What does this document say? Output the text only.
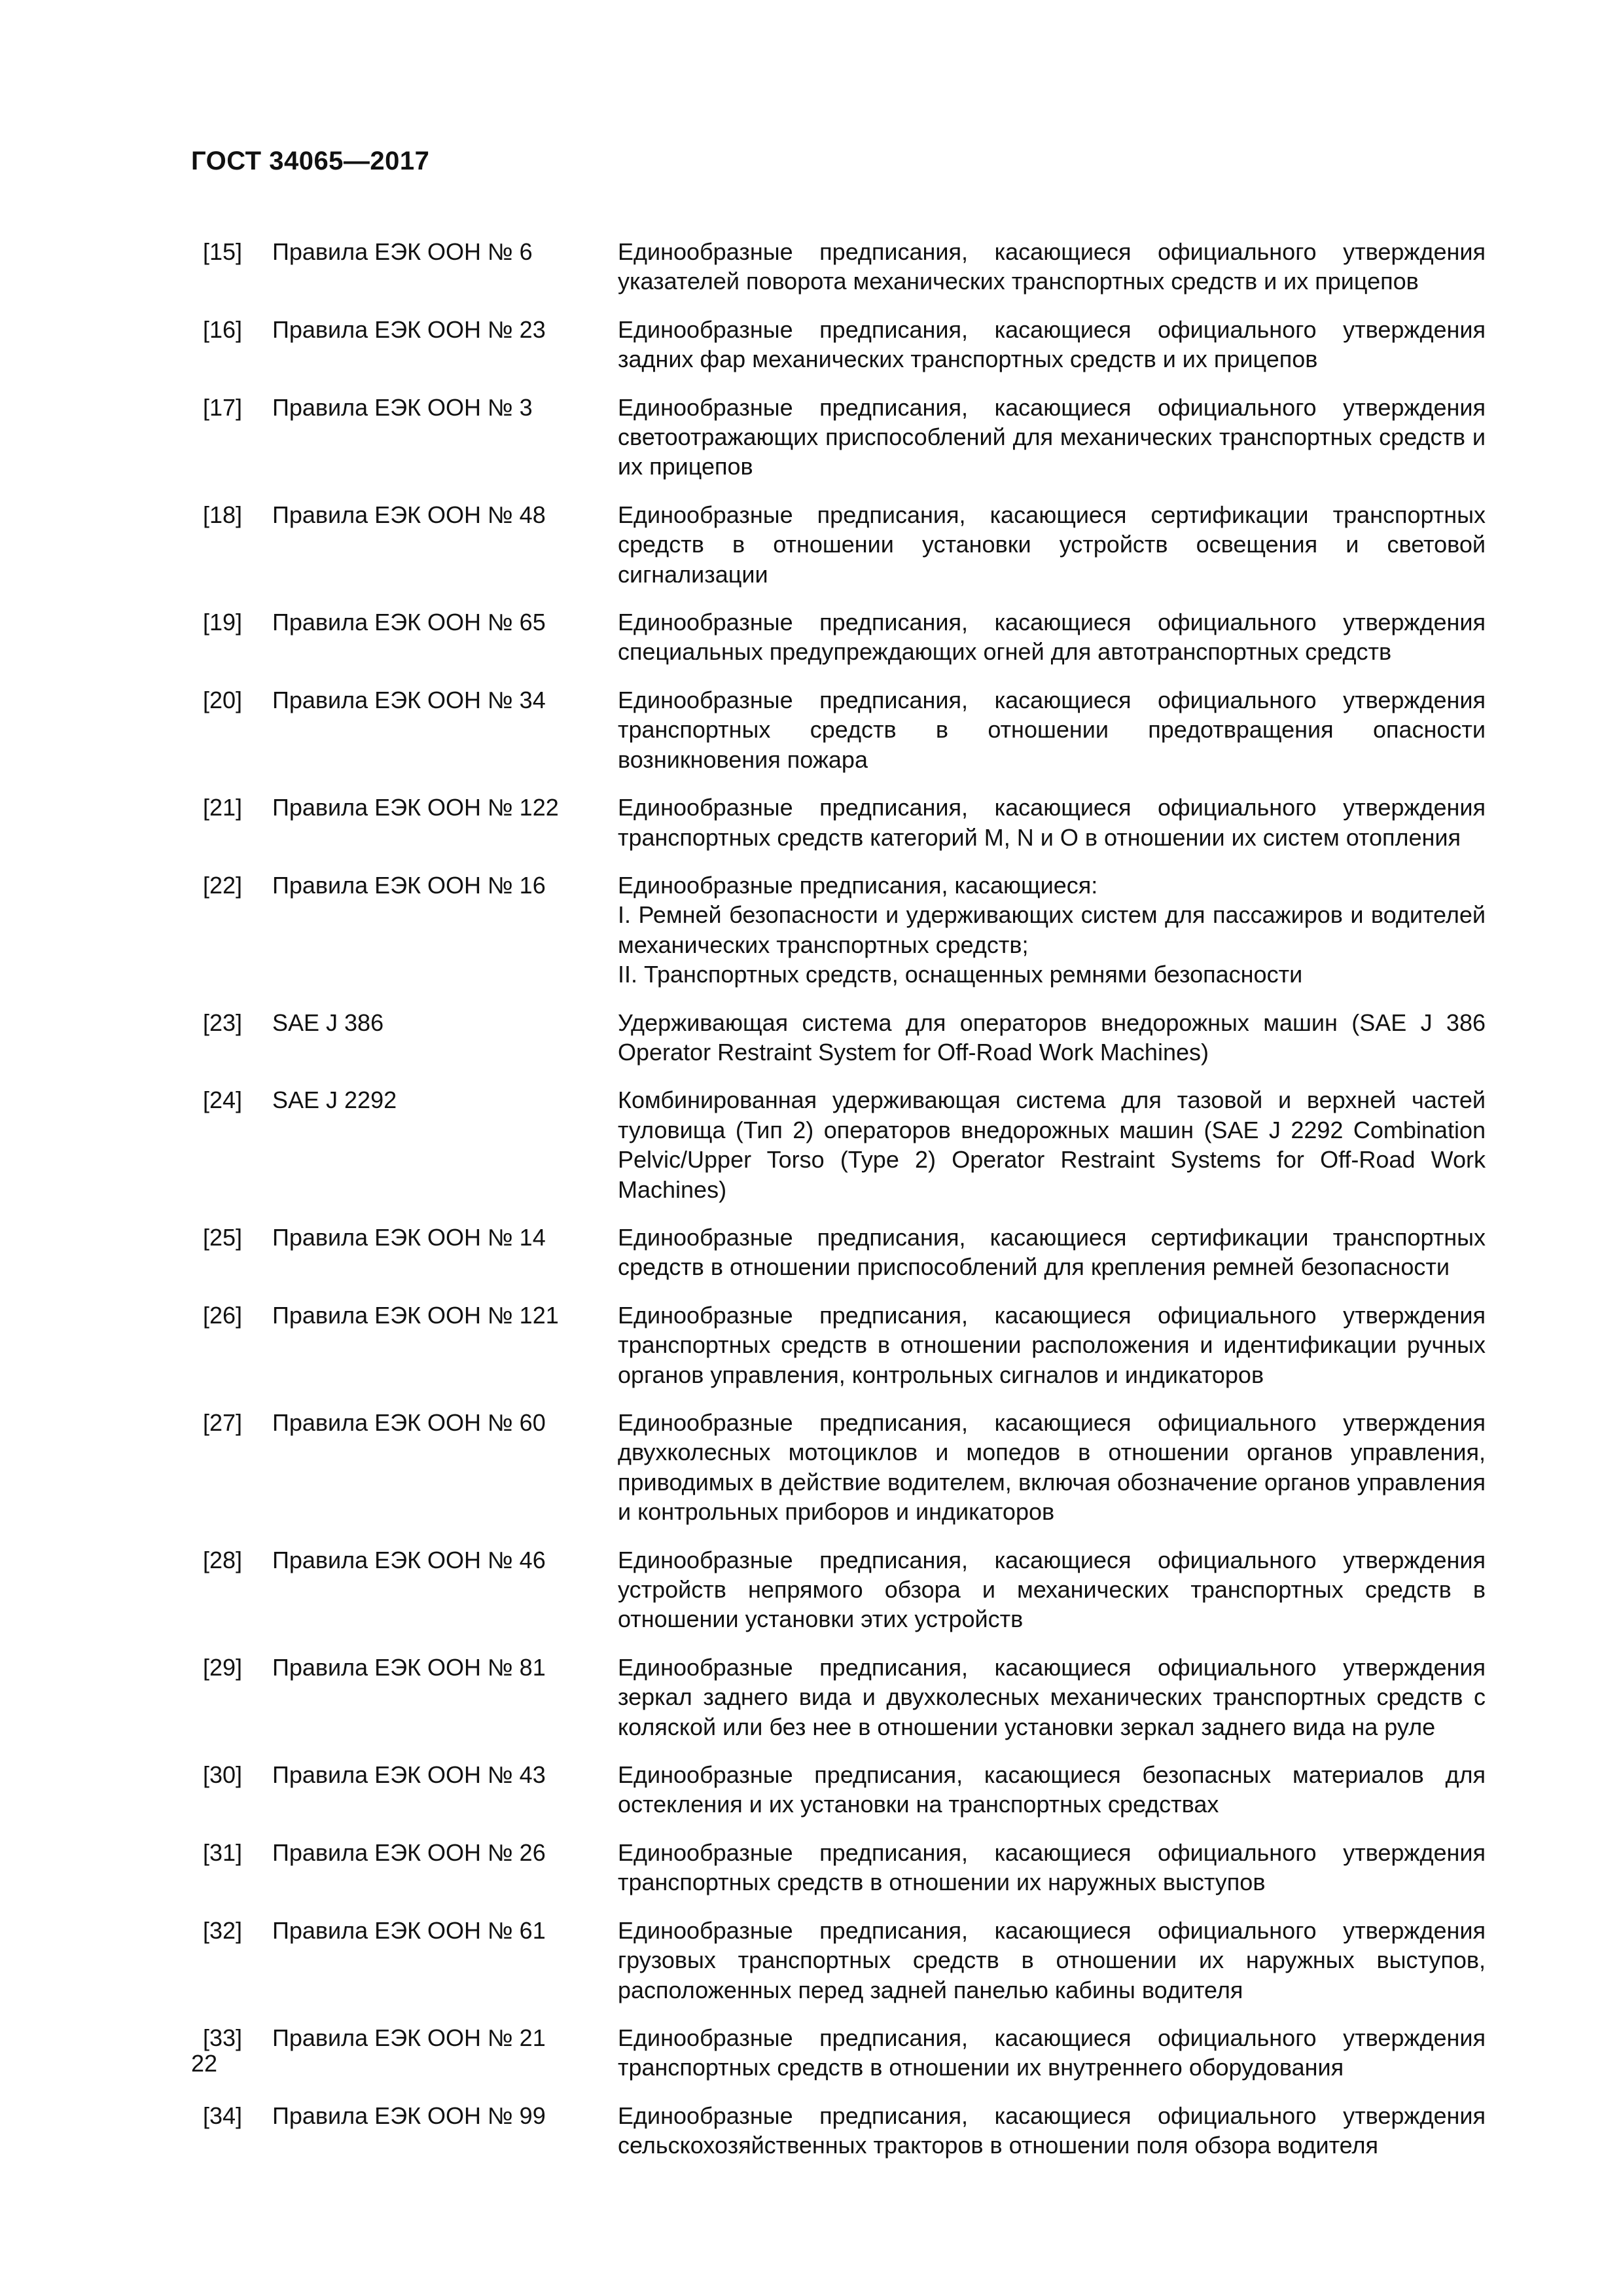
ГОСТ 34065—2017
[15]	Правила ЕЭК ООН № 6	Единообразные предписания, касающиеся официального утверждения указателей поворота механических транспортных средств и их прицепов
[16]	Правила ЕЭК ООН № 23	Единообразные предписания, касающиеся официального утверждения задних фар механических транспортных средств и их прицепов
[17]	Правила ЕЭК ООН № 3	Единообразные предписания, касающиеся официального утверждения светоотражающих приспособлений для механических транспортных средств и их прицепов
[18]	Правила ЕЭК ООН № 48	Единообразные предписания, касающиеся сертификации транспортных средств в отношении установки устройств освещения и световой сигнализации
[19]	Правила ЕЭК ООН № 65	Единообразные предписания, касающиеся официального утверждения специальных предупреждающих огней для автотранспортных средств
[20]	Правила ЕЭК ООН № 34	Единообразные предписания, касающиеся официального утверждения транспортных средств в отношении предотвращения опасности возникновения пожара
[21]	Правила ЕЭК ООН № 122	Единообразные предписания, касающиеся официального утверждения транспортных средств категорий М, N и О в отношении их систем отопления
[22]	Правила ЕЭК ООН № 16	Единообразные предписания, касающиеся:
I. Ремней безопасности и удерживающих систем для пассажиров и водителей механических транспортных средств;
II. Транспортных средств, оснащенных ремнями безопасности
[23]	SAE J 386	Удерживающая система для операторов внедорожных машин (SAE J 386 Operator Restraint System for Off-Road Work Machines)
[24]	SAE J 2292	Комбинированная удерживающая система для тазовой и верхней частей туловища (Тип 2) операторов внедорожных машин (SAE J 2292 Combination Pelvic/Upper Torso (Type 2) Operator Restraint Systems for Off-Road Work Machines)
[25]	Правила ЕЭК ООН № 14	Единообразные предписания, касающиеся сертификации транспортных средств в отношении приспособлений для крепления ремней безопасности
[26]	Правила ЕЭК ООН № 121	Единообразные предписания, касающиеся официального утверждения транспортных средств в отношении расположения и идентификации ручных органов управления, контрольных сигналов и индикаторов
[27]	Правила ЕЭК ООН № 60	Единообразные предписания, касающиеся официального утверждения двухколесных мотоциклов и мопедов в отношении органов управления, приводимых в действие водителем, включая обозначение органов управления и контрольных приборов и индикаторов
[28]	Правила ЕЭК ООН № 46	Единообразные предписания, касающиеся официального утверждения устройств непрямого обзора и механических транспортных средств в отношении установки этих устройств
[29]	Правила ЕЭК ООН № 81	Единообразные предписания, касающиеся официального утверждения зеркал заднего вида и двухколесных механических транспортных средств с коляской или без нее в отношении установки зеркал заднего вида на руле
[30]	Правила ЕЭК ООН № 43	Единообразные предписания, касающиеся безопасных материалов для остекления и их установки на транспортных средствах
[31]	Правила ЕЭК ООН № 26	Единообразные предписания, касающиеся официального утверждения транспортных средств в отношении их наружных выступов
[32]	Правила ЕЭК ООН № 61	Единообразные предписания, касающиеся официального утверждения грузовых транспортных средств в отношении их наружных выступов, расположенных перед задней панелью кабины водителя
[33]	Правила ЕЭК ООН № 21	Единообразные предписания, касающиеся официального утверждения транспортных средств в отношении их внутреннего оборудования
[34]	Правила ЕЭК ООН № 99	Единообразные предписания, касающиеся официального утверждения сельскохозяйственных тракторов в отношении поля обзора водителя
22
